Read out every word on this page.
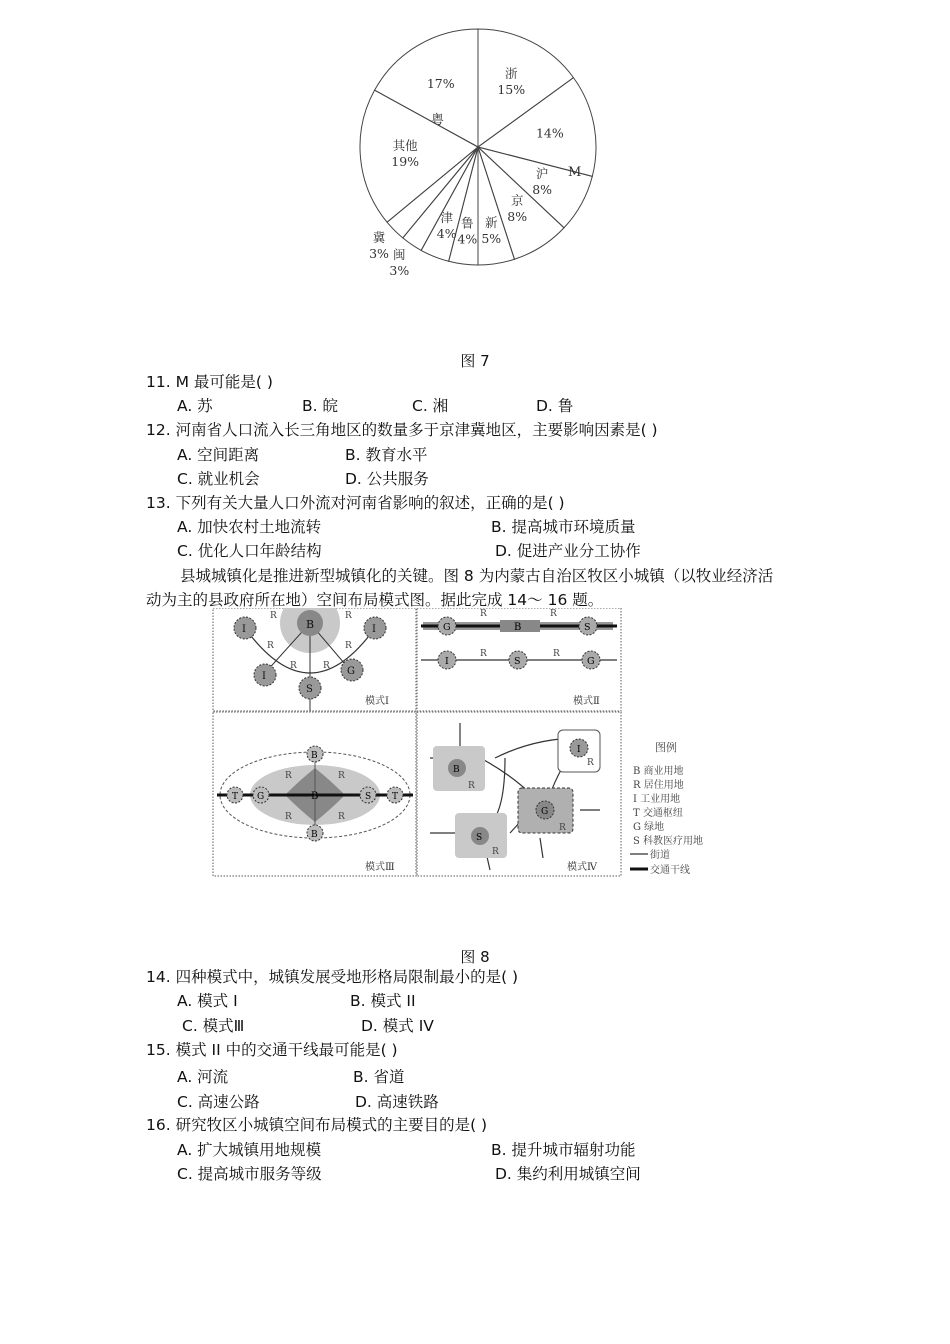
浙
15%
14%
沪
8%
京
8%
新
5%
鲁
4%
津
4%
闽
3%
冀
3%
其他
19%
17%
M
粤
图 7
11. M 最可能是( )
A. 苏	B. 皖	C. 湘	D. 鲁
12. 河南省人口流入长三角地区的数量多于京津冀地区，主要影响因素是( )
A. 空间距离	B. 教育水平
C. 就业机会	D. 公共服务
13. 下列有关大量人口外流对河南省影响的叙述，正确的是( )
A. 加快农村土地流转	B. 提高城市环境质量
C. 优化人口年龄结构	D. 促进产业分工协作
县城城镇化是推进新型城镇化的关键。图 8 为内蒙古自治区牧区小城镇（以牧业经济活
动为主的县政府所在地）空间布局模式图。据此完成 14～ 16 题。
B
I	I
I
S
G
R	R
R	R
R	R
模式Ⅰ
B
G	S
I	S	G
R	R
R	R
模式Ⅱ
B
B
B
T	T
G	S
R	R
R	R
模式Ⅲ
B
R
S
R
G
R
I
R
模式Ⅳ
图例
B 商业用地
R 居住用地
I 工业用地
T 交通枢纽
G 绿地
S 科教医疗用地
街道
交通干线
图 8
14. 四种模式中，城镇发展受地形格局限制最小的是( )
A. 模式 I	B. 模式 II
C. 模式Ⅲ	D. 模式 IV
15. 模式 II 中的交通干线最可能是( )
A. 河流	B. 省道
C. 高速公路	D. 高速铁路
16. 研究牧区小城镇空间布局模式的主要目的是( )
A. 扩大城镇用地规模	B. 提升城市辐射功能
C. 提高城市服务等级	D. 集约利用城镇空间
